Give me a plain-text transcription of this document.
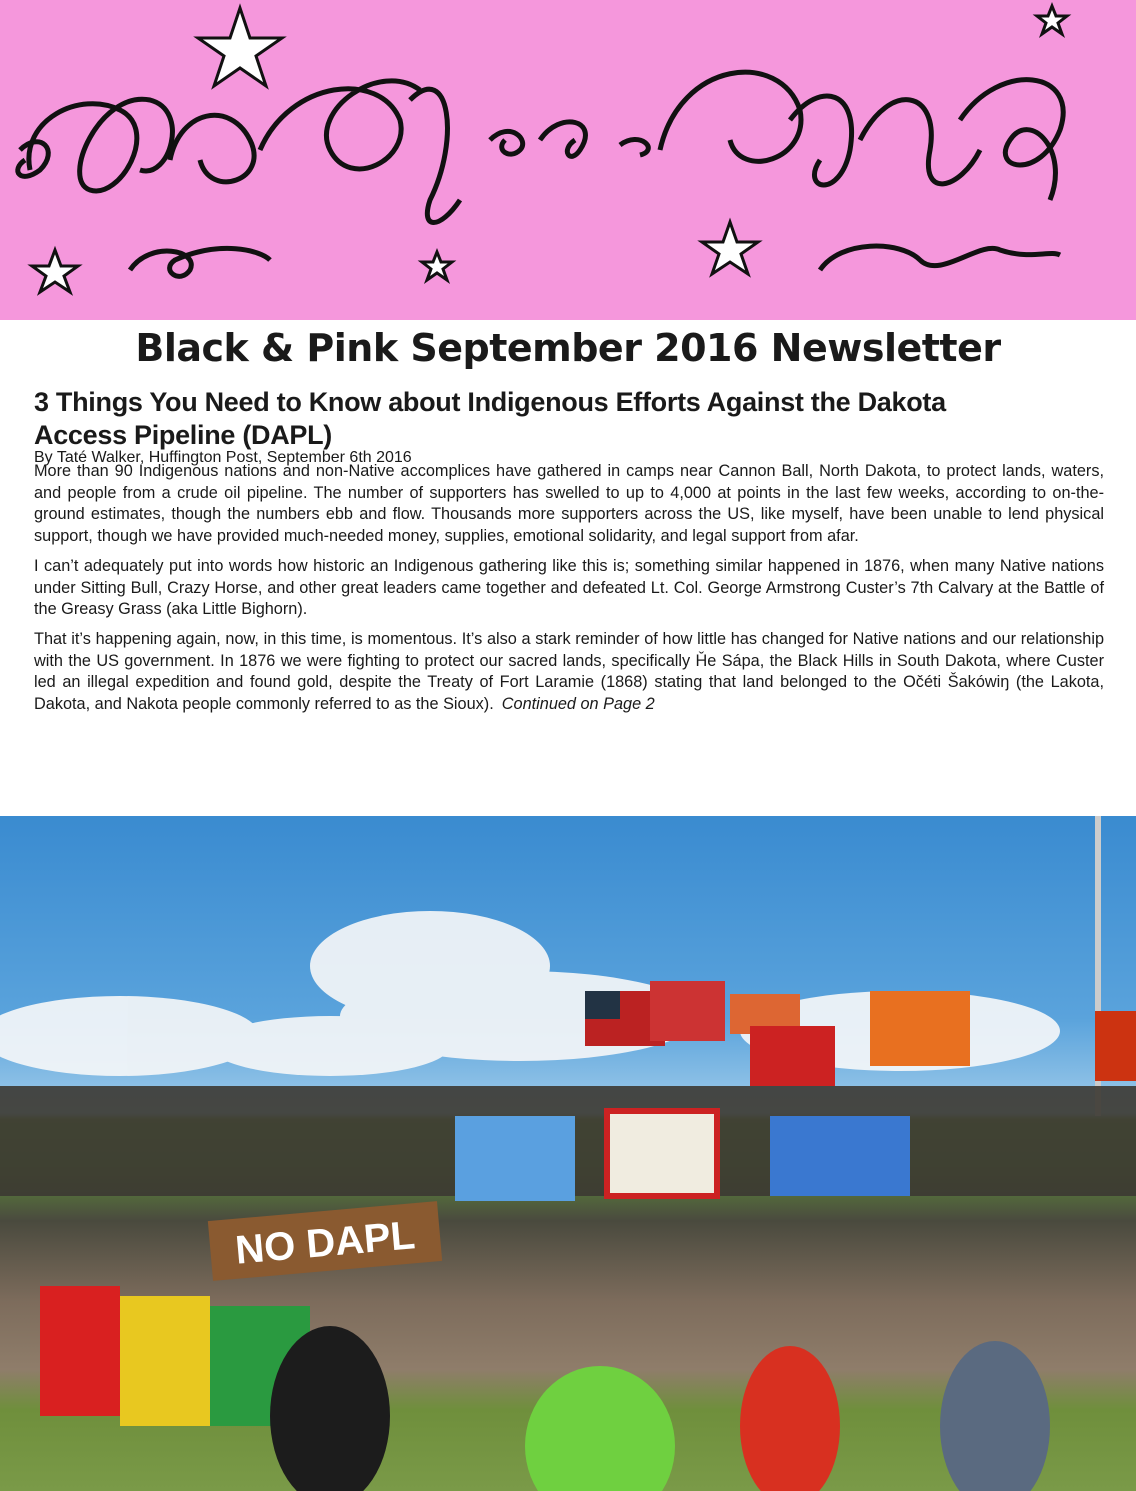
Black & Pink September 2016 Newsletter
3 Things You Need to Know about Indigenous Efforts Against the Dakota Access Pipeline (DAPL)
By Taté Walker, Huffington Post, September 6th 2016

More than 90 Indigenous nations and non-Native accomplices have gathered in camps near Cannon Ball, North Dakota, to protect lands, waters, and people from a crude oil pipeline. The number of supporters has swelled to up to 4,000 at points in the last few weeks, according to on-the-ground estimates, though the numbers ebb and flow. Thousands more supporters across the US, like myself, have been unable to lend physical support, though we have provided much-needed money, supplies, emotional solidarity, and legal support from afar.

I can’t adequately put into words how historic an Indigenous gathering like this is; something similar happened in 1876, when many Native nations under Sitting Bull, Crazy Horse, and other great leaders came together and defeated Lt. Col. George Armstrong Custer’s 7th Calvary at the Battle of the Greasy Grass (aka Little Bighorn).

That it’s happening again, now, in this time, is momentous. It’s also a stark reminder of how little has changed for Native nations and our relationship with the US government. In 1876 we were fighting to protect our sacred lands, specifically Ȟe Sápa, the Black Hills in South Dakota, where Custer led an illegal expedition and found gold, despite the Treaty of Fort Laramie (1868) stating that land belonged to the Očéti Šakówiŋ (the Lakota, Dakota, and Nakota people commonly referred to as the Sioux). Continued on Page 2

NO DAPL
